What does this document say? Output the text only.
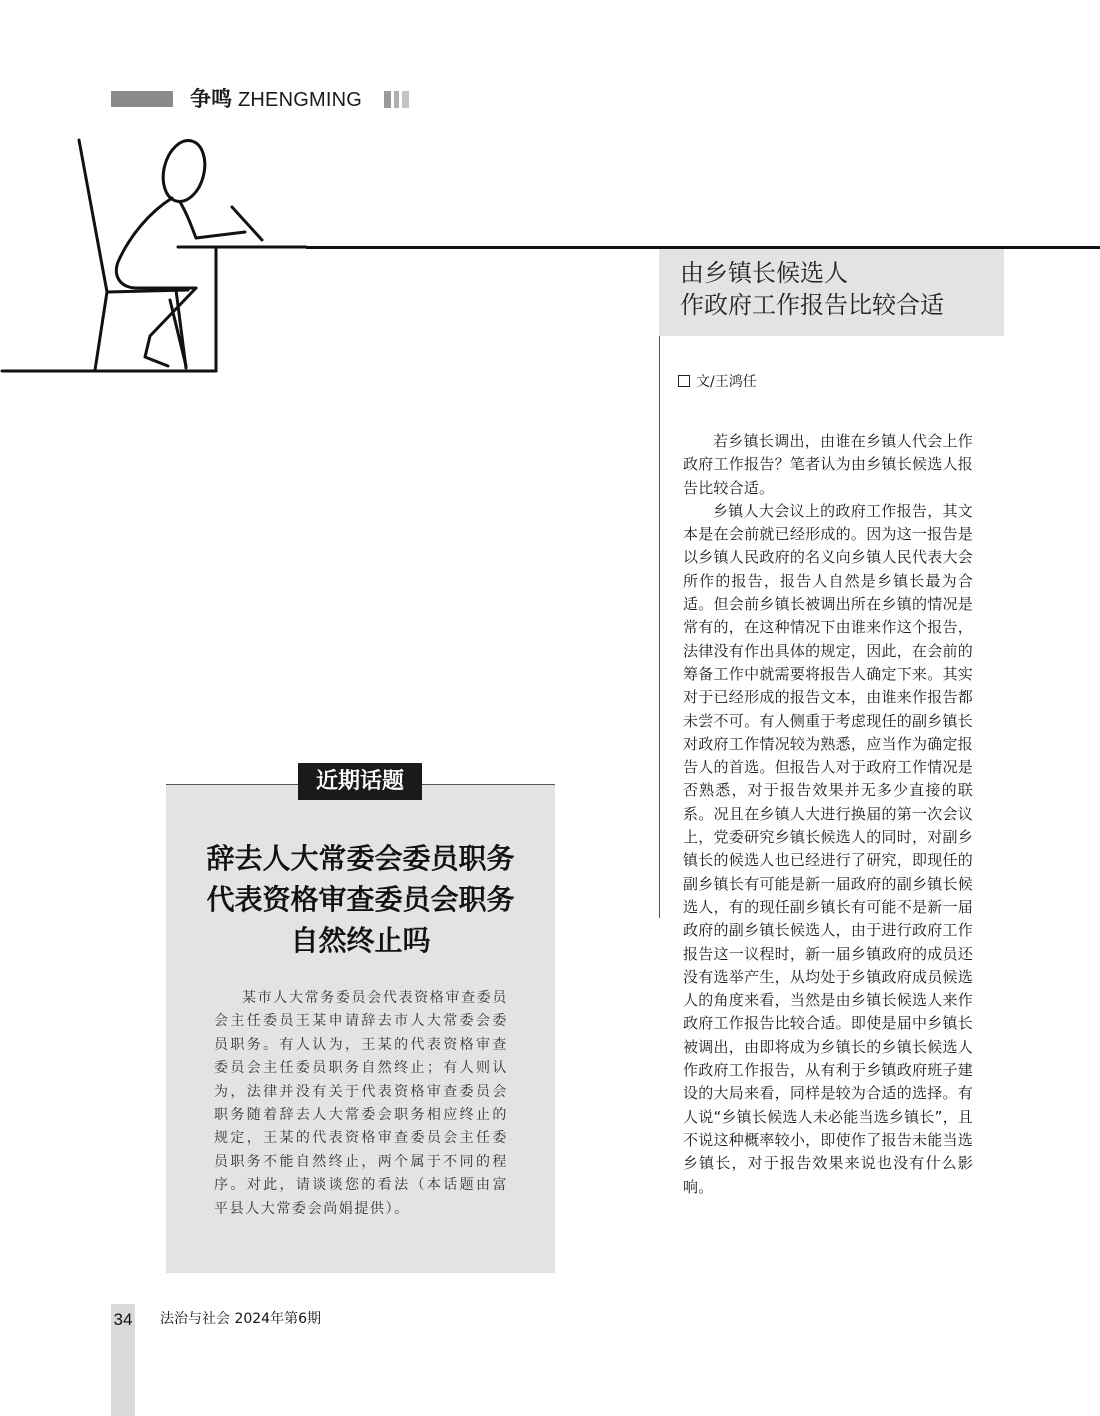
争鸣 ZHENGMING
由乡镇长候选人
作政府工作报告比较合适
文/王鸿任

若乡镇长调出，由谁在乡镇人代会上作政府工作报告？笔者认为由乡镇长候选人报告比较合适。

乡镇人大会议上的政府工作报告，其文本是在会前就已经形成的。因为这一报告是以乡镇人民政府的名义向乡镇人民代表大会所作的报告，报告人自然是乡镇长最为合适。但会前乡镇长被调出所在乡镇的情况是常有的，在这种情况下由谁来作这个报告，法律没有作出具体的规定，因此，在会前的筹备工作中就需要将报告人确定下来。其实对于已经形成的报告文本，由谁来作报告都未尝不可。有人侧重于考虑现任的副乡镇长对政府工作情况较为熟悉，应当作为确定报告人的首选。但报告人对于政府工作情况是否熟悉，对于报告效果并无多少直接的联系。况且在乡镇人大进行换届的第一次会议上，党委研究乡镇长候选人的同时，对副乡镇长的候选人也已经进行了研究，即现任的副乡镇长有可能是新一届政府的副乡镇长候选人，有的现任副乡镇长有可能不是新一届政府的副乡镇长候选人，由于进行政府工作报告这一议程时，新一届乡镇政府的成员还没有选举产生，从均处于乡镇政府成员候选人的角度来看，当然是由乡镇长候选人来作政府工作报告比较合适。即使是届中乡镇长被调出，由即将成为乡镇长的乡镇长候选人作政府工作报告，从有利于乡镇政府班子建设的大局来看，同样是较为合适的选择。有人说“乡镇长候选人未必能当选乡镇长”，且不说这种概率较小，即使作了报告未能当选乡镇长，对于报告效果来说也没有什么影响。

近期话题
辞去人大常委会委员职务
代表资格审查委员会职务
自然终止吗

某市人大常务委员会代表资格审查委员会主任委员王某申请辞去市人大常委会委员职务。有人认为，王某的代表资格审查委员会主任委员职务自然终止；有人则认为，法律并没有关于代表资格审查委员会职务随着辞去人大常委会职务相应终止的规定，王某的代表资格审查委员会主任委员职务不能自然终止，两个属于不同的程序。对此，请谈谈您的看法（本话题由富平县人大常委会尚娟提供）。

34 法治与社会 2024年第6期
